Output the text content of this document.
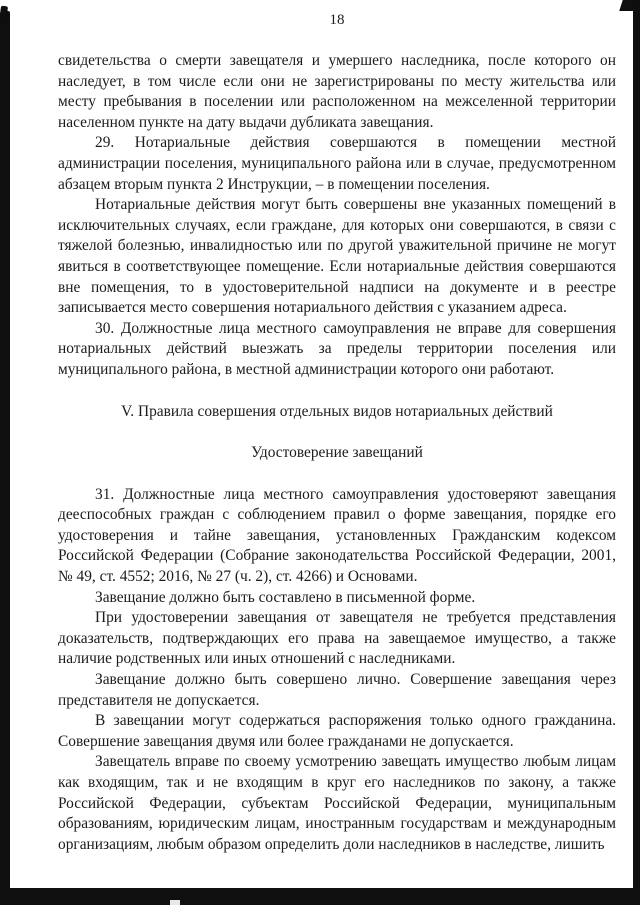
18

свидетельства о смерти завещателя и умершего наследника, после которого он наследует, в том числе если они не зарегистрированы по месту жительства или месту пребывания в поселении или расположенном на межселенной территории населенном пункте на дату выдачи дубликата завещания.

29. Нотариальные действия совершаются в помещении местной администрации поселения, муниципального района или в случае, предусмотренном абзацем вторым пункта 2 Инструкции, – в помещении поселения.

Нотариальные действия могут быть совершены вне указанных помещений в исключительных случаях, если граждане, для которых они совершаются, в связи с тяжелой болезнью, инвалидностью или по другой уважительной причине не могут явиться в соответствующее помещение. Если нотариальные действия совершаются вне помещения, то в удостоверительной надписи на документе и в реестре записывается место совершения нотариального действия с указанием адреса.

30. Должностные лица местного самоуправления не вправе для совершения нотариальных действий выезжать за пределы территории поселения или муниципального района, в местной администрации которого они работают.

V. Правила совершения отдельных видов нотариальных действий
Удостоверение завещаний

31. Должностные лица местного самоуправления удостоверяют завещания дееспособных граждан с соблюдением правил о форме завещания, порядке его удостоверения и тайне завещания, установленных Гражданским кодексом Российской Федерации (Собрание законодательства Российской Федерации, 2001, № 49, ст. 4552; 2016, № 27 (ч. 2), ст. 4266) и Основами.

Завещание должно быть составлено в письменной форме.

При удостоверении завещания от завещателя не требуется представления доказательств, подтверждающих его права на завещаемое имущество, а также наличие родственных или иных отношений с наследниками.

Завещание должно быть совершено лично. Совершение завещания через представителя не допускается.

В завещании могут содержаться распоряжения только одного гражданина. Совершение завещания двумя или более гражданами не допускается.

Завещатель вправе по своему усмотрению завещать имущество любым лицам как входящим, так и не входящим в круг его наследников по закону, а также Российской Федерации, субъектам Российской Федерации, муниципальным образованиям, юридическим лицам, иностранным государствам и международным организациям, любым образом определить доли наследников в наследстве, лишить
